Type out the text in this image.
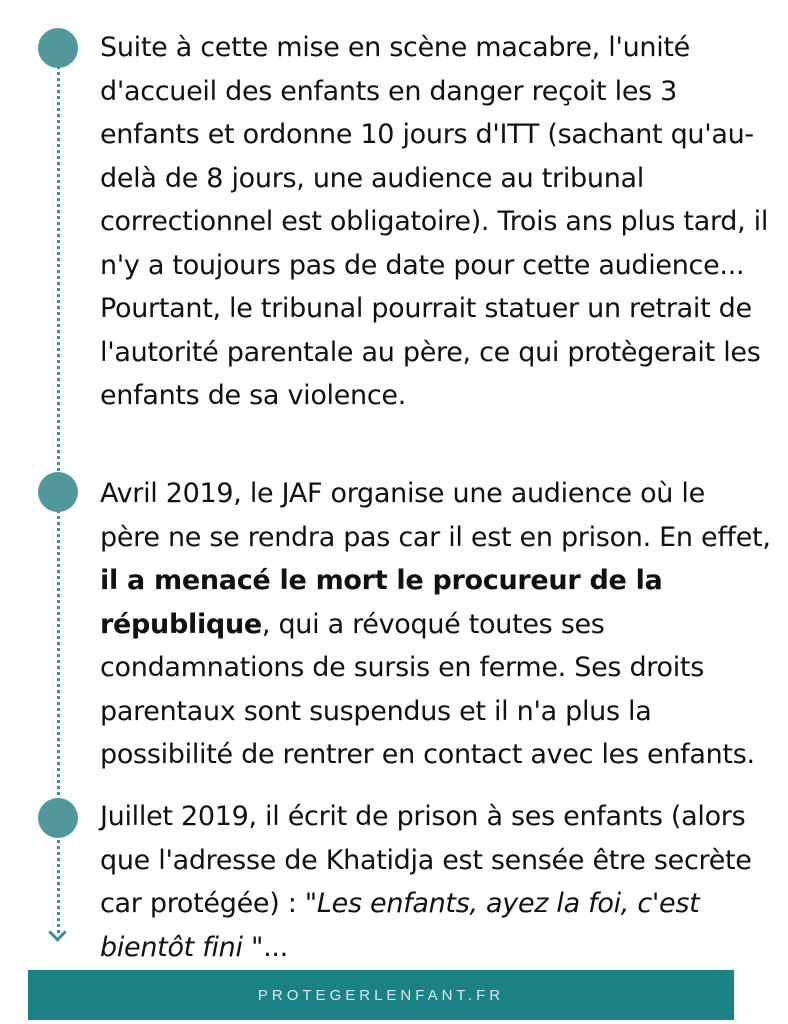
Suite à cette mise en scène macabre, l'unité d'accueil des enfants en danger reçoit les 3 enfants et ordonne 10 jours d'ITT (sachant qu'au-delà de 8 jours, une audience au tribunal correctionnel est obligatoire). Trois ans plus tard, il n'y a toujours pas de date pour cette audience...

Pourtant, le tribunal pourrait statuer un retrait de l'autorité parentale au père, ce qui protègerait les enfants de sa violence.

Avril 2019, le JAF organise une audience où le père ne se rendra pas car il est en prison. En effet, il a menacé le mort le procureur de la république, qui a révoqué toutes ses condamnations de sursis en ferme. Ses droits parentaux sont suspendus et il n'a plus la possibilité de rentrer en contact avec les enfants.

Juillet 2019, il écrit de prison à ses enfants (alors que l'adresse de Khatidja est sensée être secrète car protégée) : "Les enfants, ayez la foi, c'est bientôt fini "...

PROTEGERLENFANT.FR
